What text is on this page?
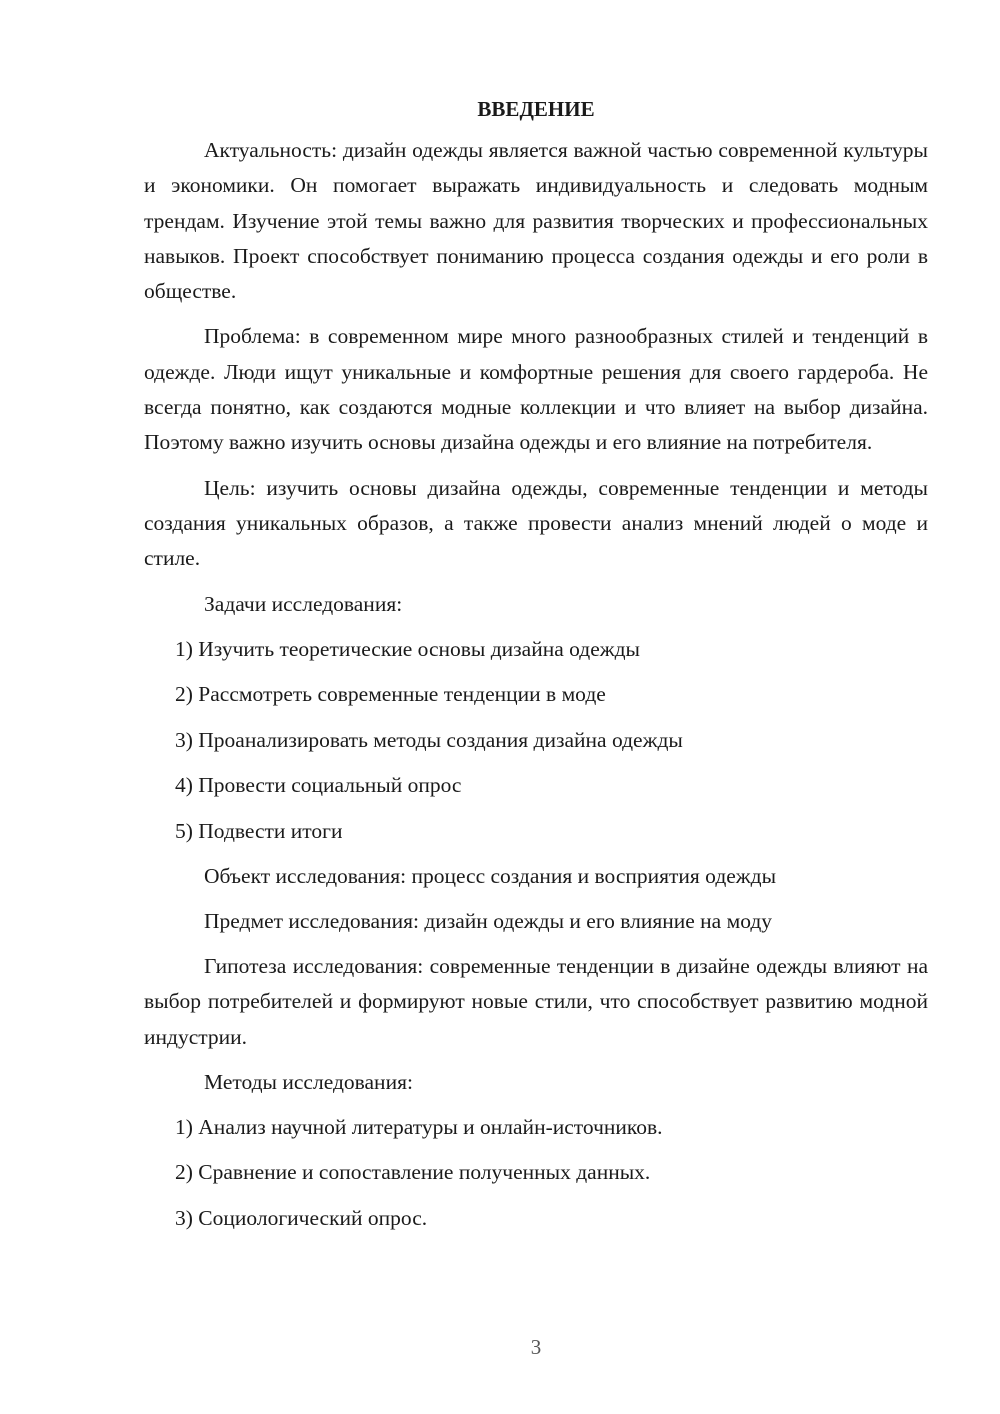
ВВЕДЕНИЕ

Актуальность: дизайн одежды является важной частью современной культуры и экономики. Он помогает выражать индивидуальность и следовать модным трендам. Изучение этой темы важно для развития творческих и профессиональных навыков. Проект способствует пониманию процесса создания одежды и его роли в обществе.

Проблема: в современном мире много разнообразных стилей и тенденций в одежде. Люди ищут уникальные и комфортные решения для своего гардероба. Не всегда понятно, как создаются модные коллекции и что влияет на выбор дизайна. Поэтому важно изучить основы дизайна одежды и его влияние на потребителя.

Цель: изучить основы дизайна одежды, современные тенденции и методы создания уникальных образов, а также провести анализ мнений людей о моде и стиле.

Задачи исследования:

1) Изучить теоретические основы дизайна одежды
2) Рассмотреть современные тенденции в моде
3) Проанализировать методы создания дизайна одежды
4) Провести социальный опрос
5) Подвести итоги

Объект исследования: процесс создания и восприятия одежды

Предмет исследования: дизайн одежды и его влияние на моду

Гипотеза исследования: современные тенденции в дизайне одежды влияют на выбор потребителей и формируют новые стили, что способствует развитию модной индустрии.

Методы исследования:

1) Анализ научной литературы и онлайн-источников.
2) Сравнение и сопоставление полученных данных.
3) Социологический опрос.
3
